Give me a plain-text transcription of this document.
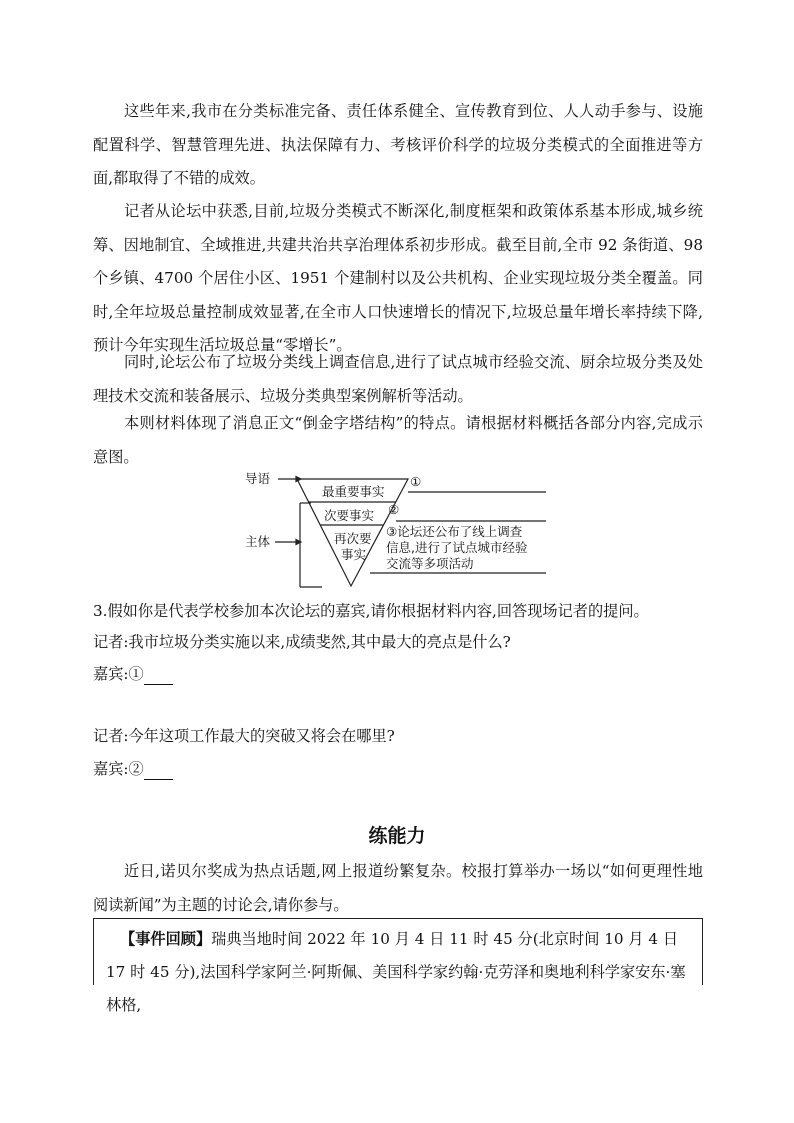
这些年来,我市在分类标准完备、责任体系健全、宣传教育到位、人人动手参与、设施配置科学、智慧管理先进、执法保障有力、考核评价科学的垃圾分类模式的全面推进等方面,都取得了不错的成效。

记者从论坛中获悉,目前,垃圾分类模式不断深化,制度框架和政策体系基本形成,城乡统筹、因地制宜、全域推进,共建共治共享治理体系初步形成。截至目前,全市 92 条街道、98 个乡镇、4700 个居住小区、1951 个建制村以及公共机构、企业实现垃圾分类全覆盖。同时,全年垃圾总量控制成效显著,在全市人口快速增长的情况下,垃圾总量年增长率持续下降,预计今年实现生活垃圾总量“零增长”。

同时,论坛公布了垃圾分类线上调查信息,进行了试点城市经验交流、厨余垃圾分类及处理技术交流和装备展示、垃圾分类典型案例解析等活动。

本则材料体现了消息正文“倒金字塔结构”的特点。请根据材料概括各部分内容,完成示意图。

导语
主体
最重要事实
次要事实
再次要
事实
①
②
③论坛还公布了线上调查
信息,进行了试点城市经验
交流等多项活动

3.假如你是代表学校参加本次论坛的嘉宾,请你根据材料内容,回答现场记者的提问。

记者:我市垃圾分类实施以来,成绩斐然,其中最大的亮点是什么?

嘉宾:①

记者:今年这项工作最大的突破又将会在哪里?

嘉宾:②

练能力

近日,诺贝尔奖成为热点话题,网上报道纷繁复杂。校报打算举办一场以“如何更理性地阅读新闻”为主题的讨论会,请你参与。

【事件回顾】瑞典当地时间 2022 年 10 月 4 日 11 时 45 分(北京时间 10 月 4 日 17 时 45 分),法国科学家阿兰·阿斯佩、美国科学家约翰·克劳泽和奥地利科学家安东·塞林格,
